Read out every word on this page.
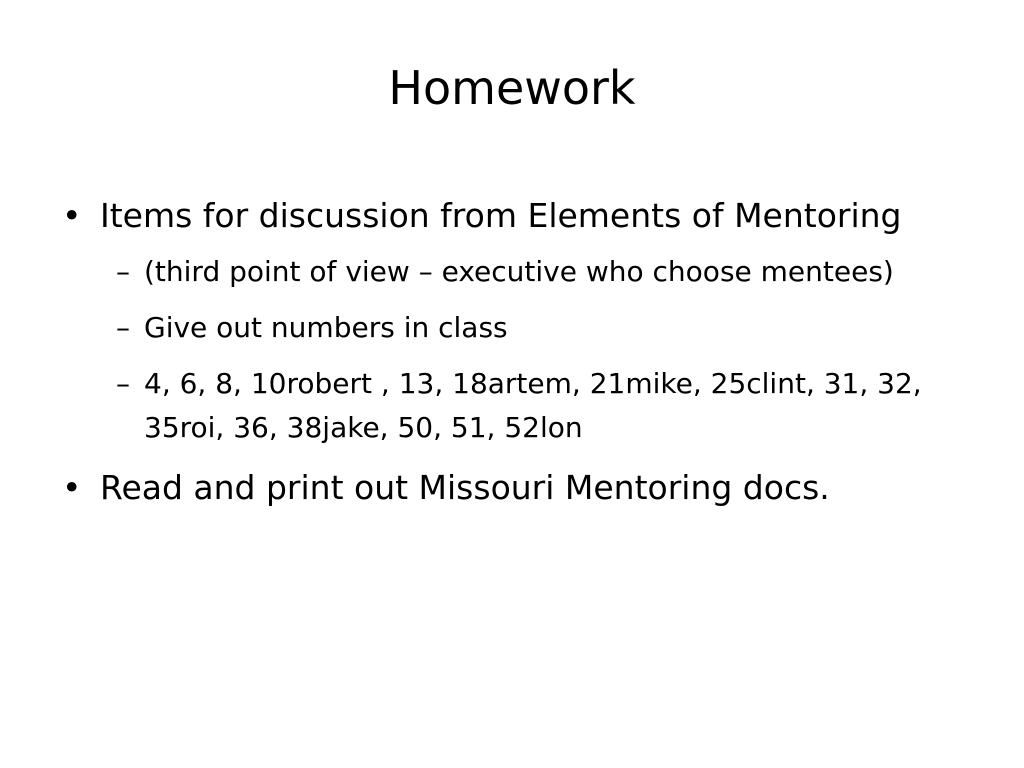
Homework
• Items for discussion from Elements of Mentoring
– (third point of view – executive who choose mentees)
– Give out numbers in class
– 4, 6, 8, 10robert , 13, 18artem, 21mike, 25clint, 31, 32, 35roi, 36, 38jake, 50, 51, 52lon
• Read and print out Missouri Mentoring docs.
